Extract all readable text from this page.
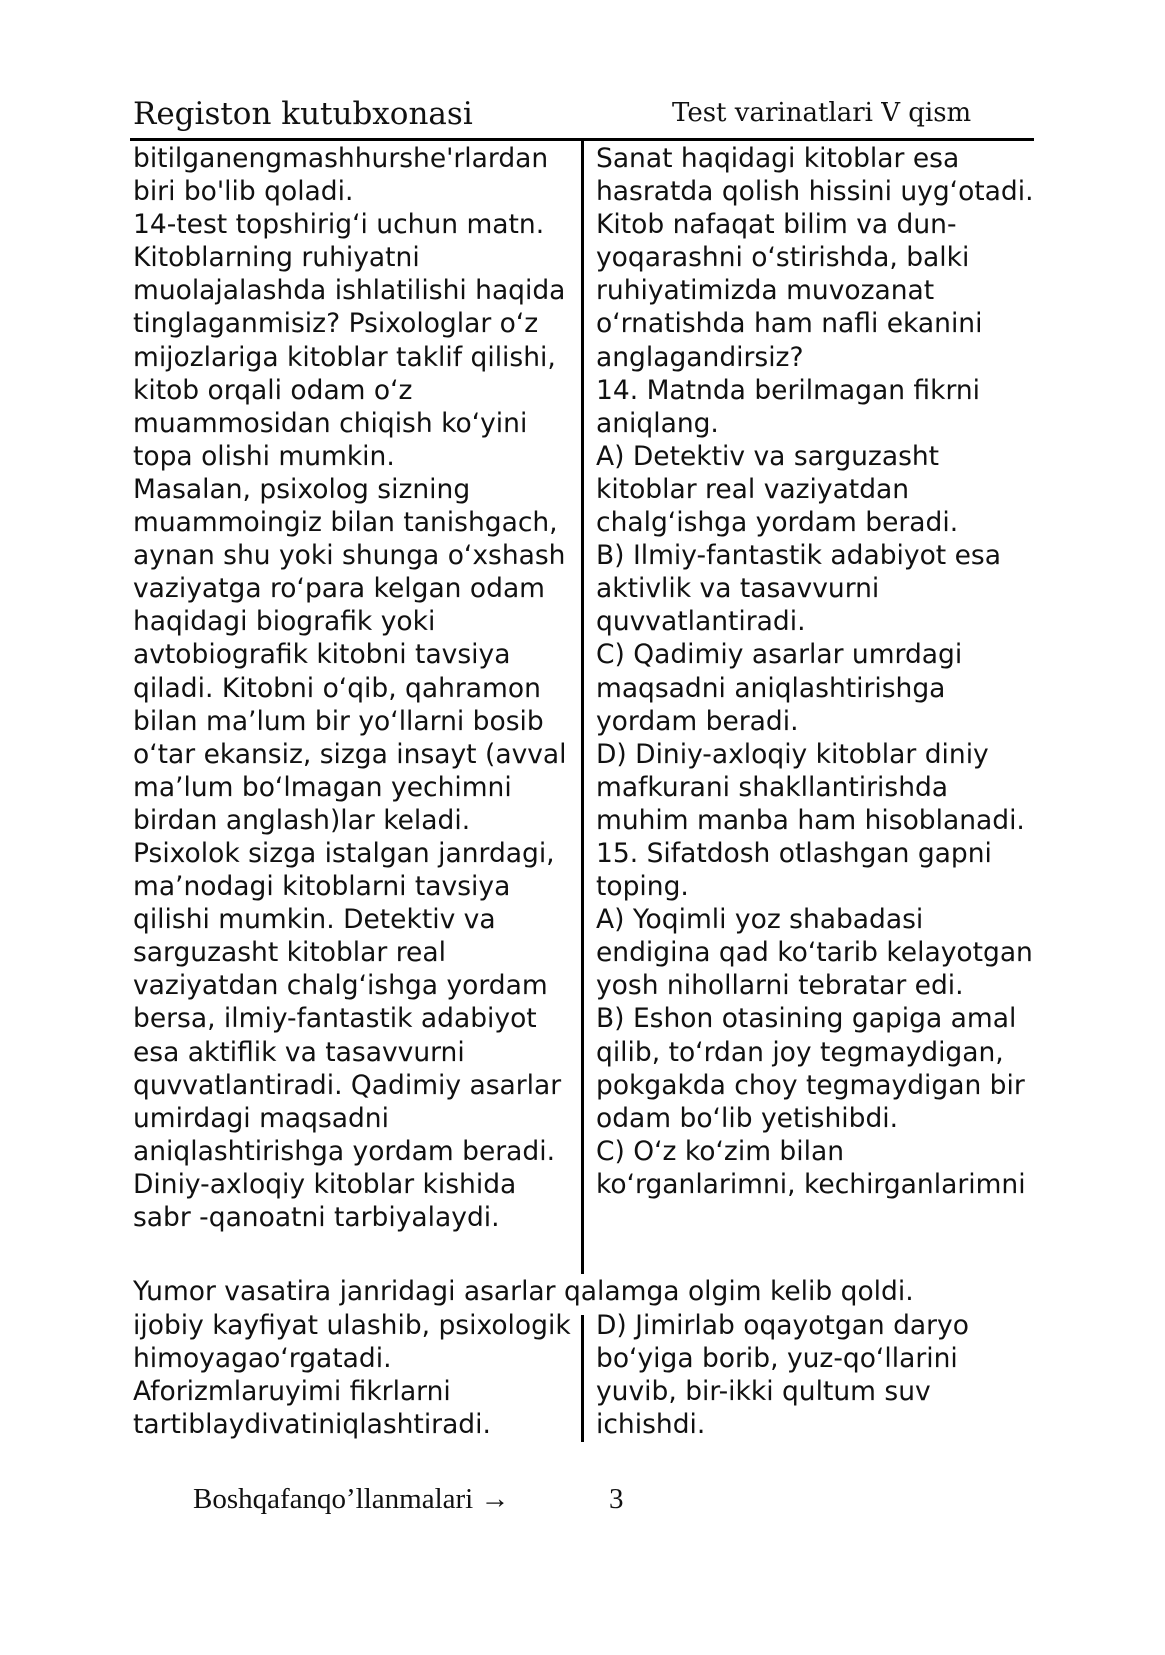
Registon kutubxonasi	Test varinatlari V qism
bitilganengmashhurshe'rlardan
biri bo'lib qoladi.
14-test topshirig‘i uchun matn.
Kitoblarning ruhiyatni
muolajalashda ishlatilishi haqida
tinglaganmisiz? Psixologlar o‘z
mijozlariga kitoblar taklif qilishi,
kitob orqali odam o‘z
muammosidan chiqish ko‘yini
topa olishi mumkin.
Masalan, psixolog sizning
muammoingiz bilan tanishgach,
aynan shu yoki shunga o‘xshash
vaziyatga ro‘para kelgan odam
haqidagi biografik yoki
avtobiografik kitobni tavsiya
qiladi. Kitobni o‘qib, qahramon
bilan ma’lum bir yo‘llarni bosib
o‘tar ekansiz, sizga insayt (avval
ma’lum bo‘lmagan yechimni
birdan anglash)lar keladi.
Psixolok sizga istalgan janrdagi,
ma’nodagi kitoblarni tavsiya
qilishi mumkin. Detektiv va
sarguzasht kitoblar real
vaziyatdan chalg‘ishga yordam
bersa, ilmiy-fantastik adabiyot
esa aktiflik va tasavvurni
quvvatlantiradi. Qadimiy asarlar
umirdagi maqsadni
aniqlashtirishga yordam beradi.
Diniy-axloqiy kitoblar kishida
sabr -qanoatni tarbiyalaydi.
Sanat haqidagi kitoblar esa
hasratda qolish hissini uyg‘otadi.
Kitob nafaqat bilim va dun-
yoqarashni o‘stirishda, balki
ruhiyatimizda muvozanat
o‘rnatishda ham nafli ekanini
anglagandirsiz?
14. Matnda berilmagan fikrni
aniqlang.
A) Detektiv va sarguzasht
kitoblar real vaziyatdan
chalg‘ishga yordam beradi.
B) Ilmiy-fantastik adabiyot esa
aktivlik va tasavvurni
quvvatlantiradi.
C) Qadimiy asarlar umrdagi
maqsadni aniqlashtirishga
yordam beradi.
D) Diniy-axloqiy kitoblar diniy
mafkurani shakllantirishda
muhim manba ham hisoblanadi.
15. Sifatdosh otlashgan gapni
toping.
A) Yoqimli yoz shabadasi
endigina qad ko‘tarib kelayotgan
yosh nihollarni tebratar edi.
B) Eshon otasining gapiga amal
qilib, to‘rdan joy tegmaydigan,
pokgakda choy tegmaydigan bir
odam bo‘lib yetishibdi.
C) O‘z ko‘zim bilan
ko‘rganlarimni, kechirganlarimni
Yumor vasatira janridagi asarlar qalamga olgim kelib qoldi.
ijobiy kayfiyat ulashib, psixologik
himoyagao‘rgatadi.
Aforizmlaruyimi fikrlarni
tartiblaydivatiniqlashtiradi.
D) Jimirlab oqayotgan daryo
bo‘yiga borib, yuz-qo‘llarini
yuvib, bir-ikki qultum suv
ichishdi.
Boshqafanqo’llanmalari →	3
